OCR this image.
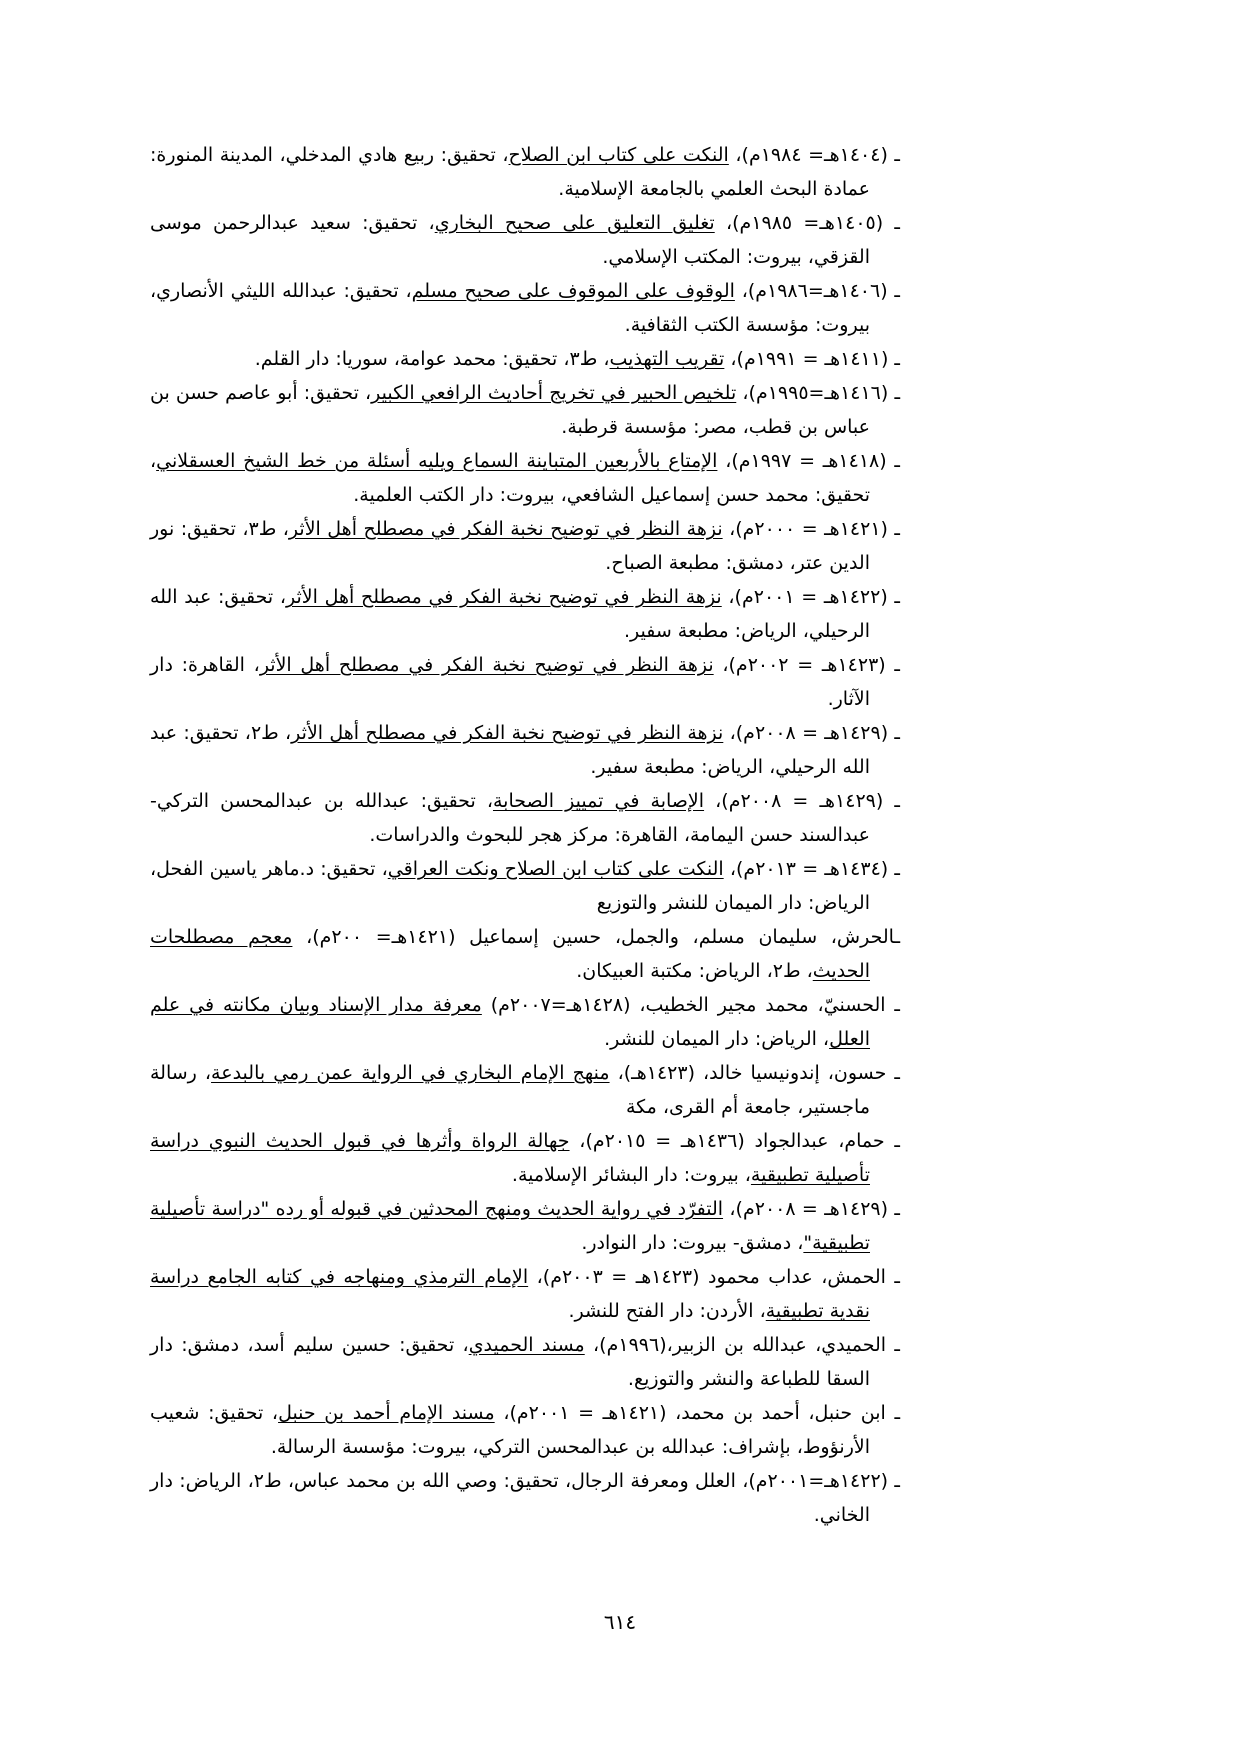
ـ (١٤٠٤هـ= ١٩٨٤م)، النكت على كتاب ابن الصلاح، تحقيق: ربيع هادي المدخلي، المدينة المنورة: عمادة البحث العلمي بالجامعة الإسلامية.

ـ (١٤٠٥هـ= ١٩٨٥م)، تغليق التعليق على صحيح البخاري، تحقيق: سعيد عبدالرحمن موسى القزقي، بيروت: المكتب الإسلامي.

ـ (١٤٠٦هـ=١٩٨٦م)، الوقوف على الموقوف على صحيح مسلم، تحقيق: عبدالله الليثي الأنصاري، بيروت: مؤسسة الكتب الثقافية.

ـ (١٤١١هـ = ١٩٩١م)، تقريب التهذيب، ط٣، تحقيق: محمد عوامة، سوريا: دار القلم.

ـ (١٤١٦هـ=١٩٩٥م)، تلخيص الحبير في تخريج أحاديث الرافعي الكبير، تحقيق: أبو عاصم حسن بن عباس بن قطب، مصر: مؤسسة قرطبة.

ـ (١٤١٨هـ = ١٩٩٧م)، الإمتاع بالأربعين المتباينة السماع ويليه أسئلة من خط الشيخ العسقلاني، تحقيق: محمد حسن إسماعيل الشافعي، بيروت: دار الكتب العلمية.

ـ (١٤٢١هـ = ٢٠٠٠م)، نزهة النظر في توضيح نخبة الفكر في مصطلح أهل الأثر، ط٣، تحقيق: نور الدين عتر، دمشق: مطبعة الصباح.

ـ (١٤٢٢هـ = ٢٠٠١م)، نزهة النظر في توضيح نخبة الفكر في مصطلح أهل الأثر، تحقيق: عبد الله الرحيلي، الرياض: مطبعة سفير.

ـ (١٤٢٣هـ = ٢٠٠٢م)، نزهة النظر في توضيح نخبة الفكر في مصطلح أهل الأثر، القاهرة: دار الآثار.

ـ (١٤٢٩هـ = ٢٠٠٨م)، نزهة النظر في توضيح نخبة الفكر في مصطلح أهل الأثر، ط٢، تحقيق: عبد الله الرحيلي، الرياض: مطبعة سفير.

ـ (١٤٢٩هـ = ٢٠٠٨م)، الإصابة في تمييز الصحابة، تحقيق: عبدالله بن عبدالمحسن التركي- عبدالسند حسن اليمامة، القاهرة: مركز هجر للبحوث والدراسات.

ـ (١٤٣٤هـ = ٢٠١٣م)، النكت على كتاب ابن الصلاح ونكت العراقي، تحقيق: د.ماهر ياسين الفحل، الرياض: دار الميمان للنشر والتوزيع

ـالحرش، سليمان مسلم، والجمل، حسين إسماعيل (١٤٢١هـ= ٢٠٠م)، معجم مصطلحات الحديث، ط٢، الرياض: مكتبة العبيكان.

ـ الحسنيّ، محمد مجير الخطيب، (١٤٢٨هـ=٢٠٠٧م) معرفة مدار الإسناد وبيان مكانته في علم العلل، الرياض: دار الميمان للنشر.

ـ حسون، إندونيسيا خالد، (١٤٢٣هـ)، منهج الإمام البخاري في الرواية عمن رمي بالبدعة، رسالة ماجستير، جامعة أم القرى، مكة

ـ حمام، عبدالجواد (١٤٣٦هـ = ٢٠١٥م)، جهالة الرواة وأثرها في قبول الحديث النبوي دراسة تأصيلية تطبيقية، بيروت: دار البشائر الإسلامية.

ـ (١٤٢٩هـ = ٢٠٠٨م)، التفرّد في رواية الحديث ومنهج المحدثين في قبوله أو رده "دراسة تأصيلية تطبيقية"، دمشق- بيروت: دار النوادر.

ـ الحمش، عداب محمود (١٤٢٣هـ = ٢٠٠٣م)، الإمام الترمذي ومنهاجه في كتابه الجامع دراسة نقدية تطبيقية، الأردن: دار الفتح للنشر.

ـ الحميدي، عبدالله بن الزبير،(١٩٩٦م)، مسند الحميدي، تحقيق: حسين سليم أسد، دمشق: دار السقا للطباعة والنشر والتوزيع.

ـ ابن حنبل، أحمد بن محمد، (١٤٢١هـ = ٢٠٠١م)، مسند الإمام أحمد بن حنبل، تحقيق: شعيب الأرنؤوط، بإشراف: عبدالله بن عبدالمحسن التركي، بيروت: مؤسسة الرسالة.

ـ (١٤٢٢هـ=٢٠٠١م)، العلل ومعرفة الرجال، تحقيق: وصي الله بن محمد عباس، ط٢، الرياض: دار الخاني.

٦١٤
